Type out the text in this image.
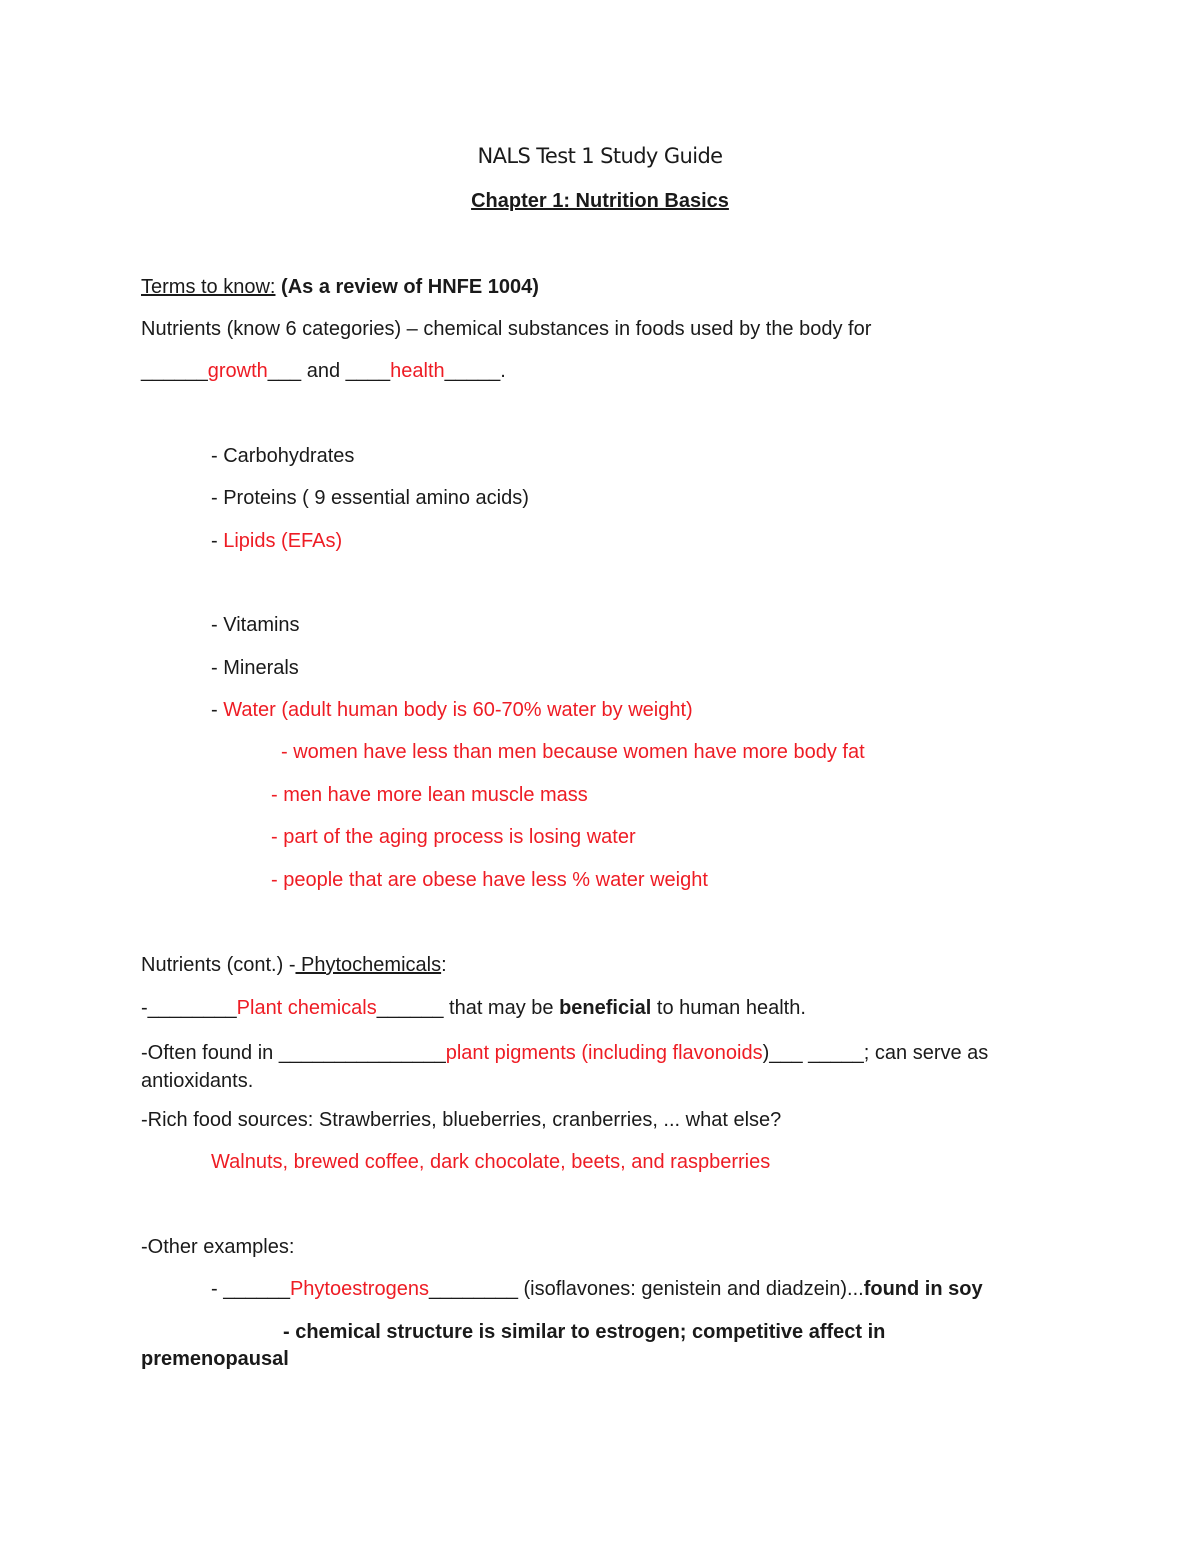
NALS Test 1 Study Guide
Chapter 1: Nutrition Basics
Terms to know: (As a review of HNFE 1004)
Nutrients (know 6 categories) – chemical substances in foods used by the body for
______growth___ and ____health_____.
- Carbohydrates
- Proteins ( 9 essential amino acids)
- Lipids (EFAs)
- Vitamins
- Minerals
- Water (adult human body is 60-70% water by weight)
- women have less than men because women have more body fat
- men have more lean muscle mass
- part of the aging process is losing water
- people that are obese have less % water weight
Nutrients (cont.) - Phytochemicals:
-________Plant chemicals______ that may be beneficial to human health.
-Often found in _______________plant pigments (including flavonoids)___ _____; can serve as antioxidants.
-Rich food sources: Strawberries, blueberries, cranberries, ... what else?
Walnuts, brewed coffee, dark chocolate, beets, and raspberries
-Other examples:
- ______Phytoestrogens________ (isoflavones: genistein and diadzein)...found in soy
- chemical structure is similar to estrogen; competitive affect in
premenopausal
